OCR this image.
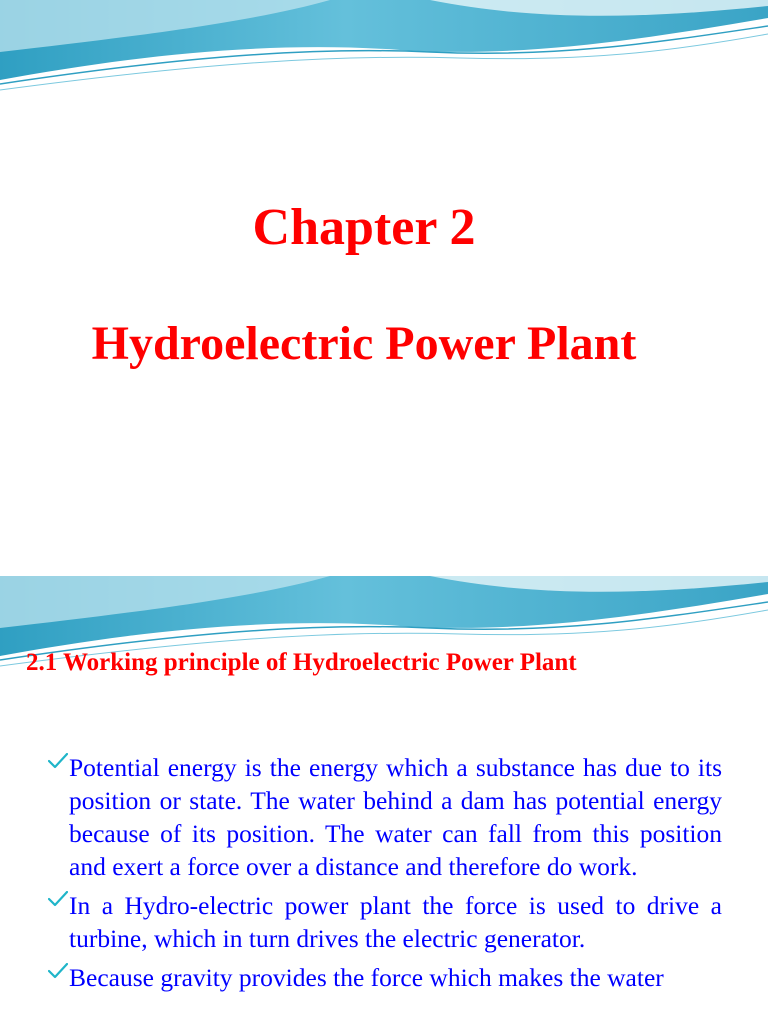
Chapter 2
Hydroelectric Power Plant
2.1 Working principle of Hydroelectric Power Plant
Potential energy is the energy which a substance has due to its position or state. The water behind a dam has potential energy because of its position. The water can fall from this position and exert a force over a distance and therefore do work.
In a Hydro-electric power plant the force is used to drive a turbine, which in turn drives the electric generator.
Because gravity provides the force which makes the water
